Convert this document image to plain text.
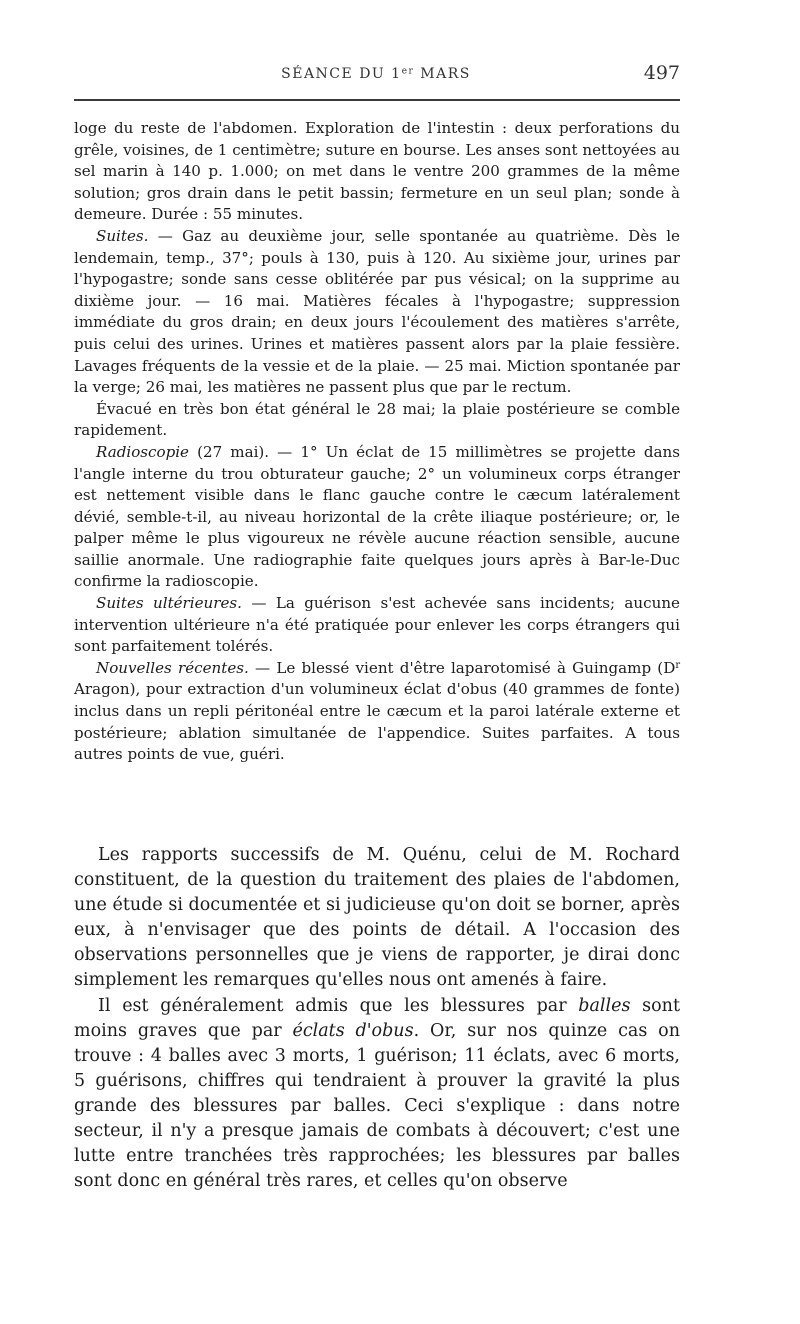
SÉANCE DU 1er MARS	497

loge du reste de l'abdomen. Exploration de l'intestin : deux perforations du grêle, voisines, de 1 centimètre; suture en bourse. Les anses sont nettoyées au sel marin à 140 p. 1.000; on met dans le ventre 200 grammes de la même solution; gros drain dans le petit bassin; fermeture en un seul plan; sonde à demeure. Durée : 55 minutes.

Suites. — Gaz au deuxième jour, selle spontanée au quatrième. Dès le lendemain, temp., 37°; pouls à 130, puis à 120. Au sixième jour, urines par l'hypogastre; sonde sans cesse oblitérée par pus vésical; on la supprime au dixième jour. — 16 mai. Matières fécales à l'hypogastre; suppression immédiate du gros drain; en deux jours l'écoulement des matières s'arrête, puis celui des urines. Urines et matières passent alors par la plaie fessière. Lavages fréquents de la vessie et de la plaie. — 25 mai. Miction spontanée par la verge; 26 mai, les matières ne passent plus que par le rectum.

Évacué en très bon état général le 28 mai; la plaie postérieure se comble rapidement.

Radioscopie (27 mai). — 1° Un éclat de 15 millimètres se projette dans l'angle interne du trou obturateur gauche; 2° un volumineux corps étranger est nettement visible dans le flanc gauche contre le cæcum latéralement dévié, semble-t-il, au niveau horizontal de la crête iliaque postérieure; or, le palper même le plus vigoureux ne révèle aucune réaction sensible, aucune saillie anormale. Une radiographie faite quelques jours après à Bar-le-Duc confirme la radioscopie.

Suites ultérieures. — La guérison s'est achevée sans incidents; aucune intervention ultérieure n'a été pratiquée pour enlever les corps étrangers qui sont parfaitement tolérés.

Nouvelles récentes. — Le blessé vient d'être laparotomisé à Guingamp ($D^r$ Aragon), pour extraction d'un volumineux éclat d'obus (40 grammes de fonte) inclus dans un repli péritonéal entre le cæcum et la paroi latérale externe et postérieure; ablation simultanée de l'appendice. Suites parfaites. A tous autres points de vue, guéri.

Les rapports successifs de M. Quénu, celui de M. Rochard constituent, de la question du traitement des plaies de l'abdomen, une étude si documentée et si judicieuse qu'on doit se borner, après eux, à n'envisager que des points de détail. A l'occasion des observations personnelles que je viens de rapporter, je dirai donc simplement les remarques qu'elles nous ont amenés à faire.

Il est généralement admis que les blessures par balles sont moins graves que par éclats d'obus. Or, sur nos quinze cas on trouve : 4 balles avec 3 morts, 1 guérison; 11 éclats, avec 6 morts, 5 guérisons, chiffres qui tendraient à prouver la gravité la plus grande des blessures par balles. Ceci s'explique : dans notre secteur, il n'y a presque jamais de combats à découvert; c'est une lutte entre tranchées très rapprochées; les blessures par balles sont donc en général très rares, et celles qu'on observe
